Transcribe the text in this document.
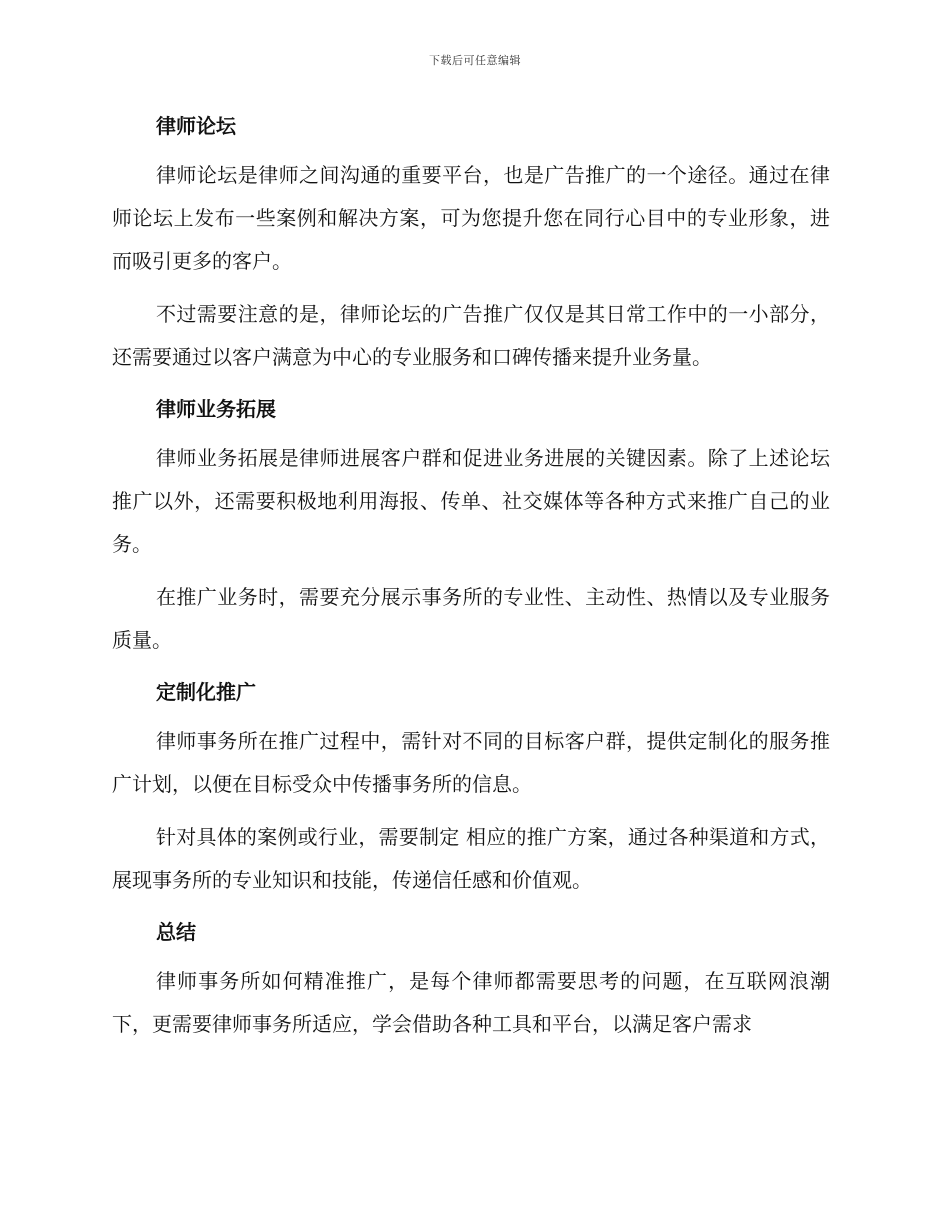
下载后可任意编辑
律师论坛

律师论坛是律师之间沟通的重要平台，也是广告推广的一个途径。通过在律师论坛上发布一些案例和解决方案，可为您提升您在同行心目中的专业形象，进而吸引更多的客户。

不过需要注意的是，律师论坛的广告推广仅仅是其日常工作中的一小部分，还需要通过以客户满意为中心的专业服务和口碑传播来提升业务量。

律师业务拓展

律师业务拓展是律师进展客户群和促进业务进展的关键因素。除了上述论坛推广以外，还需要积极地利用海报、传单、社交媒体等各种方式来推广自己的业务。

在推广业务时，需要充分展示事务所的专业性、主动性、热情以及专业服务质量。

定制化推广

律师事务所在推广过程中，需针对不同的目标客户群，提供定制化的服务推广计划，以便在目标受众中传播事务所的信息。

针对具体的案例或行业，需要制定 相应的推广方案，通过各种渠道和方式，展现事务所的专业知识和技能，传递信任感和价值观。

总结

律师事务所如何精准推广，是每个律师都需要思考的问题，在互联网浪潮下，更需要律师事务所适应，学会借助各种工具和平台，以满足客户需求
